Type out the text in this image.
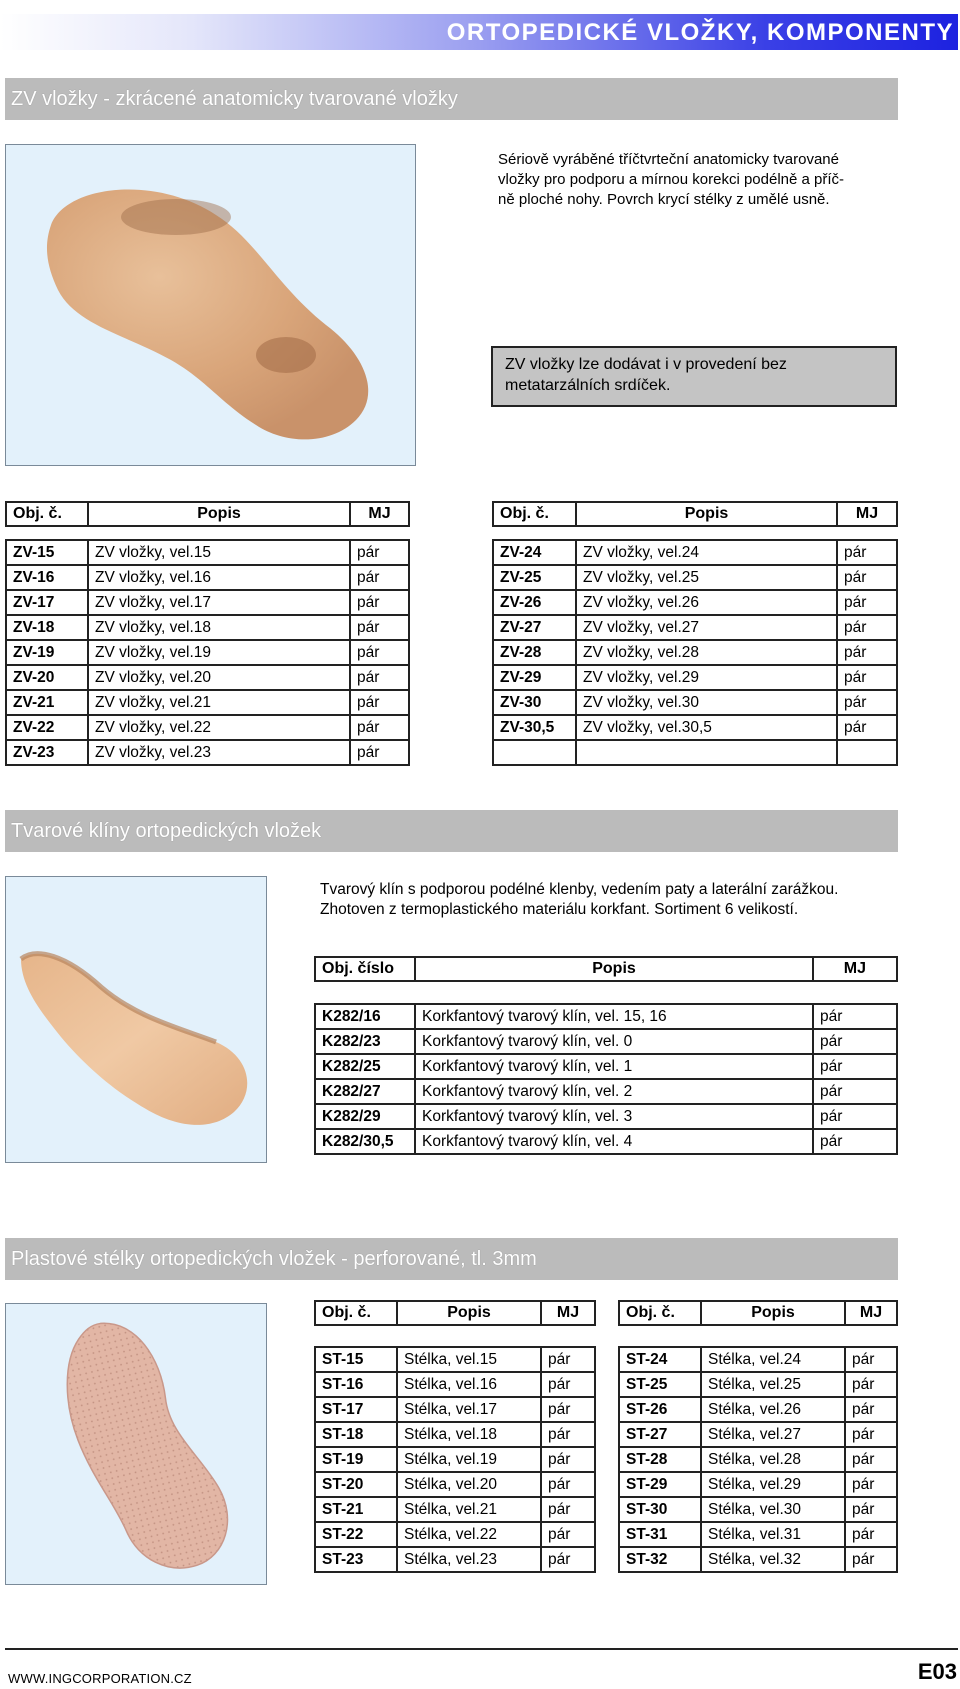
ORTOPEDICKÉ VLOŽKY, KOMPONENTY
ZV vložky - zkrácené anatomicky tvarované vložky
Sériově vyráběné tříčtvrteční anatomicky tvarované
vložky pro podporu a mírnou korekci podélně a příč-
ně ploché nohy. Povrch krycí stélky z umělé usně.
ZV vložky lze dodávat i v provedení bez
metatarzálních srdíček.
Obj. č.	Popis	MJ	Obj. č.	Popis	MJ
ZV-15	ZV vložky, vel.15	pár
ZV-16	ZV vložky, vel.16	pár
ZV-17	ZV vložky, vel.17	pár
ZV-18	ZV vložky, vel.18	pár
ZV-19	ZV vložky, vel.19	pár
ZV-20	ZV vložky, vel.20	pár
ZV-21	ZV vložky, vel.21	pár
ZV-22	ZV vložky, vel.22	pár
ZV-23	ZV vložky, vel.23	pár
ZV-24	ZV vložky, vel.24	pár
ZV-25	ZV vložky, vel.25	pár
ZV-26	ZV vložky, vel.26	pár
ZV-27	ZV vložky, vel.27	pár
ZV-28	ZV vložky, vel.28	pár
ZV-29	ZV vložky, vel.29	pár
ZV-30	ZV vložky, vel.30	pár
ZV-30,5	ZV vložky, vel.30,5	pár

Tvarové klíny ortopedických vložek
Tvarový klín s podporou podélné klenby, vedením paty a laterální zarážkou.
Zhotoven z termoplastického materiálu korkfant. Sortiment 6 velikostí.
Obj. číslo	Popis	MJ
K282/16	Korkfantový tvarový klín, vel. 15, 16	pár
K282/23	Korkfantový tvarový klín, vel. 0	pár
K282/25	Korkfantový tvarový klín, vel. 1	pár
K282/27	Korkfantový tvarový klín, vel. 2	pár
K282/29	Korkfantový tvarový klín, vel. 3	pár
K282/30,5	Korkfantový tvarový klín, vel. 4	pár
Plastové stélky ortopedických vložek - perforované, tl. 3mm
Obj. č.	Popis	MJ	Obj. č.	Popis	MJ
ST-15	Stélka, vel.15	pár
ST-16	Stélka, vel.16	pár
ST-17	Stélka, vel.17	pár
ST-18	Stélka, vel.18	pár
ST-19	Stélka, vel.19	pár
ST-20	Stélka, vel.20	pár
ST-21	Stélka, vel.21	pár
ST-22	Stélka, vel.22	pár
ST-23	Stélka, vel.23	pár
ST-24	Stélka, vel.24	pár
ST-25	Stélka, vel.25	pár
ST-26	Stélka, vel.26	pár
ST-27	Stélka, vel.27	pár
ST-28	Stélka, vel.28	pár
ST-29	Stélka, vel.29	pár
ST-30	Stélka, vel.30	pár
ST-31	Stélka, vel.31	pár
ST-32	Stélka, vel.32	pár
WWW.INGCORPORATION.CZ	E03
